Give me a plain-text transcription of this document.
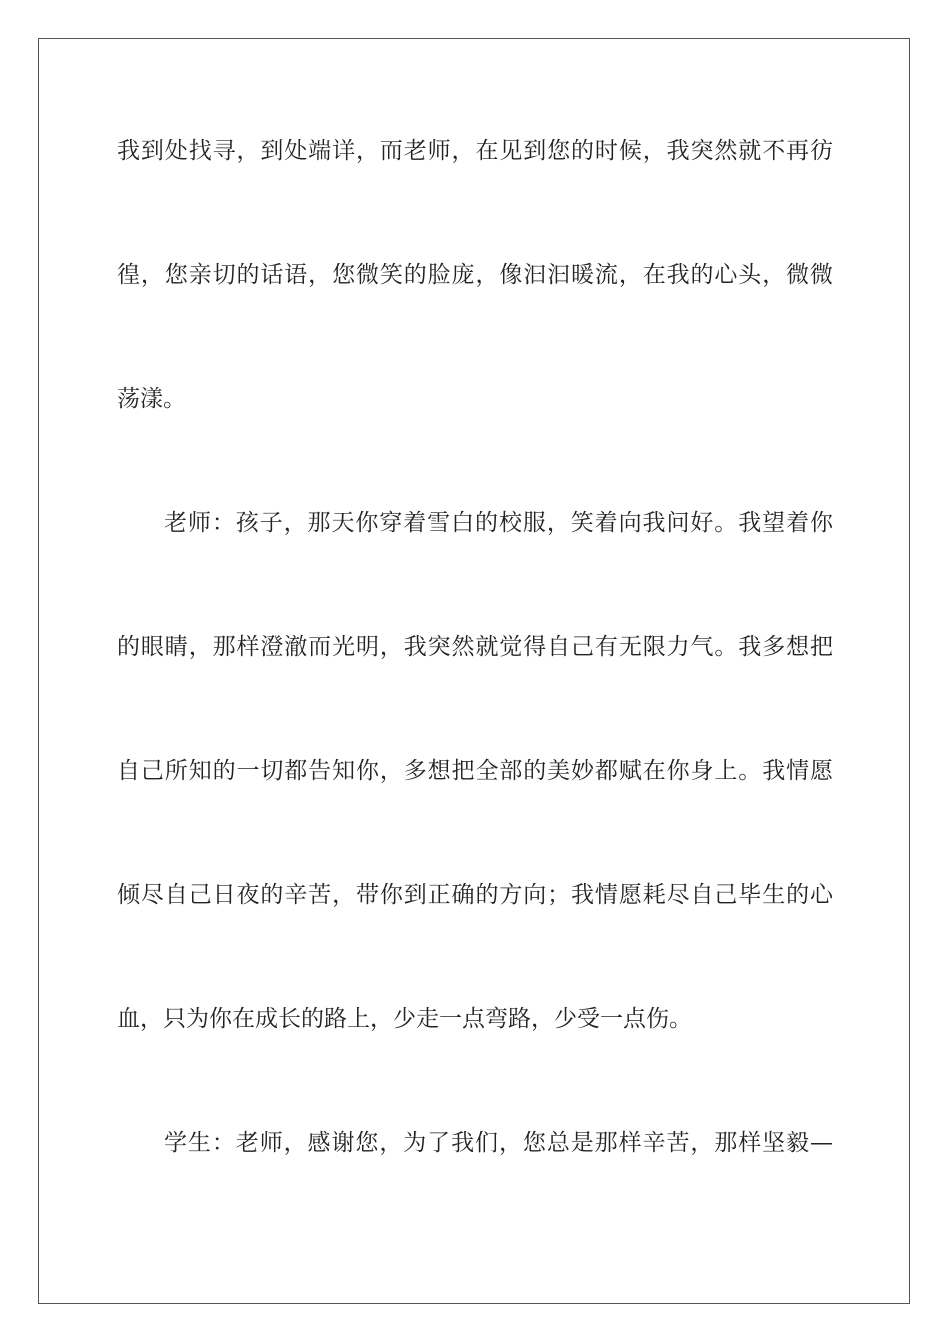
我到处找寻，到处端详，而老师，在见到您的时候，我突然就不再彷
徨，您亲切的话语，您微笑的脸庞，像汩汩暖流，在我的心头，微微
荡漾。
老师：孩子，那天你穿着雪白的校服，笑着向我问好。我望着你
的眼睛，那样澄澈而光明，我突然就觉得自己有无限力气。我多想把
自己所知的一切都告知你，多想把全部的美妙都赋在你身上。我情愿
倾尽自己日夜的辛苦，带你到正确的方向；我情愿耗尽自己毕生的心
血，只为你在成长的路上，少走一点弯路，少受一点伤。
学生：老师，感谢您，为了我们，您总是那样辛苦，那样坚毅—
